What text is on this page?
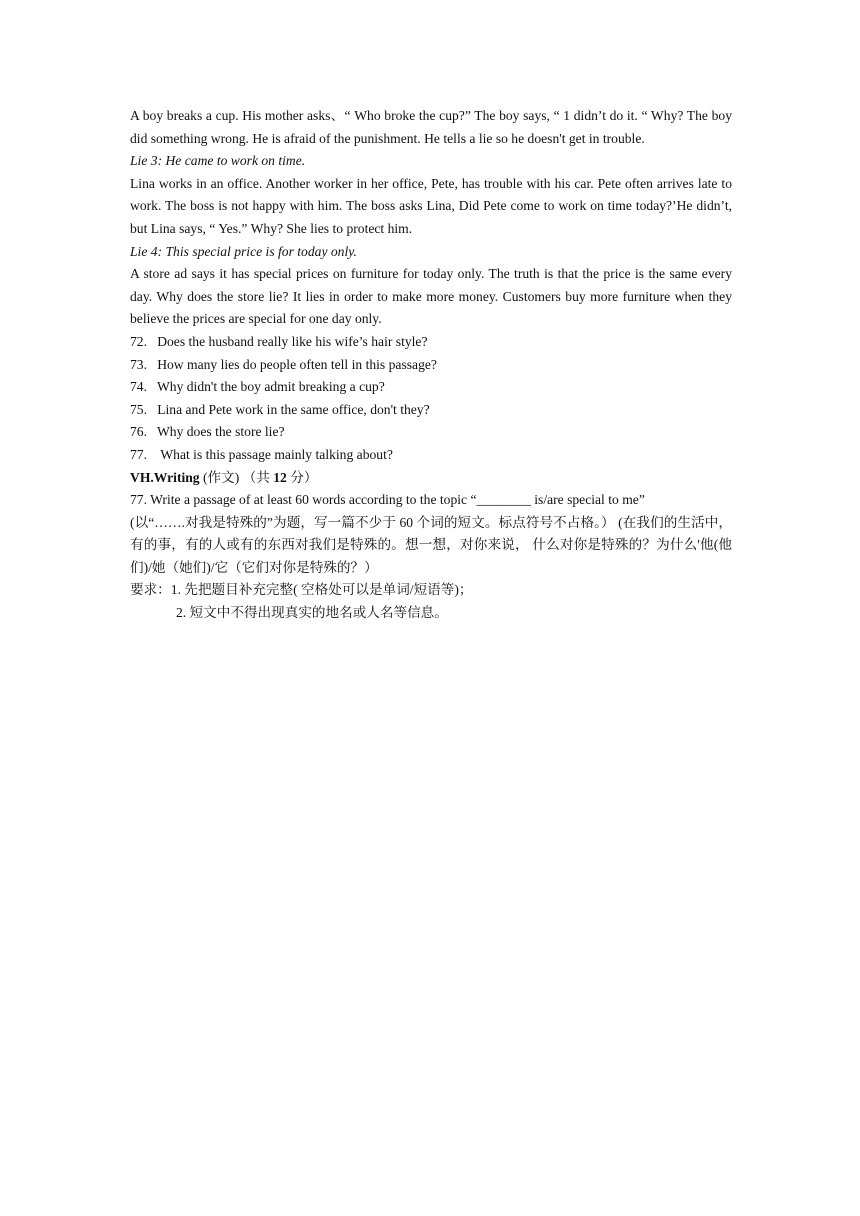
A boy breaks a cup. His mother asks、“ Who broke the cup?” The boy says, “ 1 didn’t do it. “ Why? The boy did something wrong. He is afraid of the punishment. He tells a lie so he doesn't get in trouble.
Lie 3: He came to work on time.
Lina works in an office. Another worker in her office, Pete, has trouble with his car. Pete often arrives late to work. The boss is not happy with him. The boss asks Lina, Did Pete come to work on time today?’He didn’t, but Lina says, “ Yes.” Why? She lies to protect him.
Lie 4: This special price is for today only.
A store ad says it has special prices on furniture for today only. The truth is that the price is the same every day. Why does the store lie? It lies in order to make more money. Customers buy more furniture when they believe the prices are special for one day only.
72.   Does the husband really like his wife’s hair style?
73.   How many lies do people often tell in this passage?
74.   Why didn't the boy admit breaking a cup?
75.   Lina and Pete work in the same office, don't they?
76.   Why does the store lie?
77.    What is this passage mainly talking about?
VH.Writing (作文) （共 12 分）
77. Write a passage of at least 60 words according to the topic “________ is/are special to me”
(以“…….对我是特殊的”为题，写一篇不少于 60 个词的短文。标点符号不占格。） (在我们的生活中，有的事，有的人或有的东西对我们是特殊的。想一想，对你来说， 什么对你是特殊的？为什么'他(他们)/她（她们)/它（它们对你是特殊的？）
要求：1. 先把题目补充完整( 空格处可以是单词/短语等)；
2. 短文中不得出现真实的地名或人名等信息。
